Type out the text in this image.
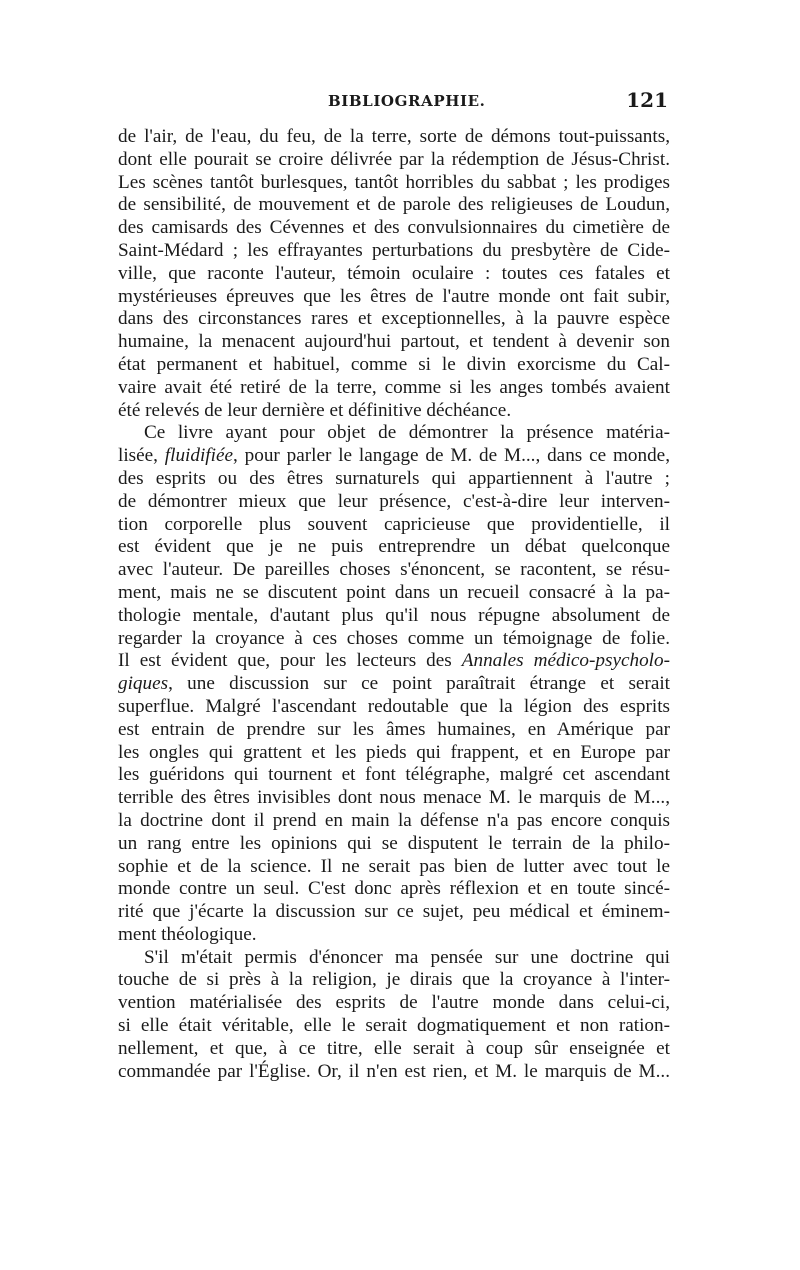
BIBLIOGRAPHIE.	121
de l'air, de l'eau, du feu, de la terre, sorte de démons tout-puissants,
dont elle pourait se croire délivrée par la rédemption de Jésus-Christ.
Les scènes tantôt burlesques, tantôt horribles du sabbat ; les prodiges
de sensibilité, de mouvement et de parole des religieuses de Loudun,
des camisards des Cévennes et des convulsionnaires du cimetière de
Saint-Médard ; les effrayantes perturbations du presbytère de Cide-
ville, que raconte l'auteur, témoin oculaire : toutes ces fatales et
mystérieuses épreuves que les êtres de l'autre monde ont fait subir,
dans des circonstances rares et exceptionnelles, à la pauvre espèce
humaine, la menacent aujourd'hui partout, et tendent à devenir son
état permanent et habituel, comme si le divin exorcisme du Cal-
vaire avait été retiré de la terre, comme si les anges tombés avaient
été relevés de leur dernière et définitive déchéance.
Ce livre ayant pour objet de démontrer la présence matéria-
lisée, fluidifiée, pour parler le langage de M. de M..., dans ce monde,
des esprits ou des êtres surnaturels qui appartiennent à l'autre ;
de démontrer mieux que leur présence, c'est-à-dire leur interven-
tion corporelle plus souvent capricieuse que providentielle, il
est évident que je ne puis entreprendre un débat quelconque
avec l'auteur. De pareilles choses s'énoncent, se racontent, se résu-
ment, mais ne se discutent point dans un recueil consacré à la pa-
thologie mentale, d'autant plus qu'il nous répugne absolument de
regarder la croyance à ces choses comme un témoignage de folie.
Il est évident que, pour les lecteurs des Annales médico-psycholo-
giques, une discussion sur ce point paraîtrait étrange et serait
superflue. Malgré l'ascendant redoutable que la légion des esprits
est entrain de prendre sur les âmes humaines, en Amérique par
les ongles qui grattent et les pieds qui frappent, et en Europe par
les guéridons qui tournent et font télégraphe, malgré cet ascendant
terrible des êtres invisibles dont nous menace M. le marquis de M...,
la doctrine dont il prend en main la défense n'a pas encore conquis
un rang entre les opinions qui se disputent le terrain de la philo-
sophie et de la science. Il ne serait pas bien de lutter avec tout le
monde contre un seul. C'est donc après réflexion et en toute sincé-
rité que j'écarte la discussion sur ce sujet, peu médical et éminem-
ment théologique.
S'il m'était permis d'énoncer ma pensée sur une doctrine qui
touche de si près à la religion, je dirais que la croyance à l'inter-
vention matérialisée des esprits de l'autre monde dans celui-ci,
si elle était véritable, elle le serait dogmatiquement et non ration-
nellement, et que, à ce titre, elle serait à coup sûr enseignée et
commandée par l'Église. Or, il n'en est rien, et M. le marquis de M...
